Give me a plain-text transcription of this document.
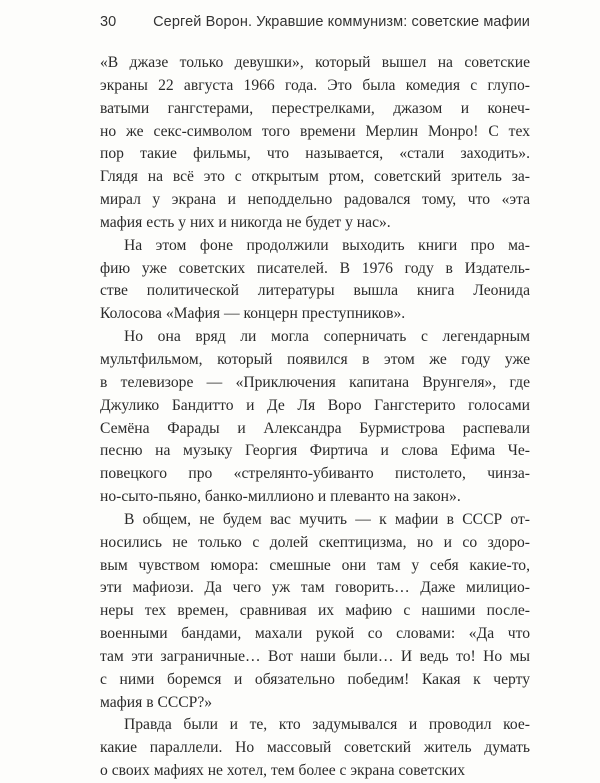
30	Сергей Ворон. Укравшие коммунизм: советские мафии
«В джазе только девушки», который вышел на советские
экраны 22 августа 1966 года. Это была комедия с глупо-
ватыми гангстерами, перестрелками, джазом и конеч-
но же секс-символом того времени Мерлин Монро! С тех
пор такие фильмы, что называется, «стали заходить».
Глядя на всё это с открытым ртом, советский зритель за-
мирал у экрана и неподдельно радовался тому, что «эта
мафия есть у них и никогда не будет у нас».
На этом фоне продолжили выходить книги про ма-
фию уже советских писателей. В 1976 году в Издатель-
стве политической литературы вышла книга Леонида
Колосова «Мафия — концерн преступников».
Но она вряд ли могла соперничать с легендарным
мультфильмом, который появился в этом же году уже
в телевизоре — «Приключения капитана Врунгеля», где
Джулико Бандитто и Де Ля Воро Гангстерито голосами
Семёна Фарады и Александра Бурмистрова распевали
песню на музыку Георгия Фиртича и слова Ефима Че-
повецкого про «стрелянто-убиванто пистолето, чинза-
но-сыто-пьяно, банко-миллионо и плеванто на закон».
В общем, не будем вас мучить — к мафии в СССР от-
носились не только с долей скептицизма, но и со здоро-
вым чувством юмора: смешные они там у себя какие-то,
эти мафиози. Да чего уж там говорить… Даже милицио-
неры тех времен, сравнивая их мафию с нашими после-
военными бандами, махали рукой со словами: «Да что
там эти заграничные… Вот наши были… И ведь то! Но мы
с ними боремся и обязательно победим! Какая к черту
мафия в СССР?»
Правда были и те, кто задумывался и проводил кое-
какие параллели. Но массовый советский житель думать
о своих мафиях не хотел, тем более с экрана советских
